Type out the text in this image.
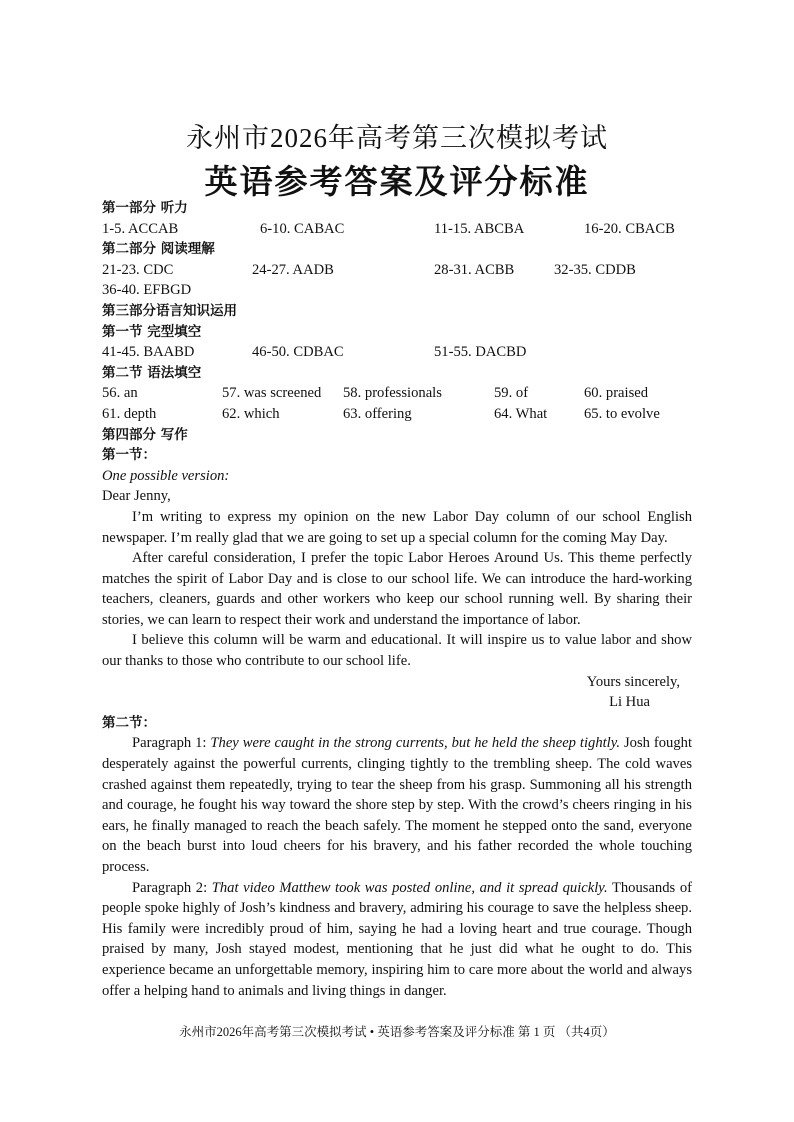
永州市2026年高考第三次模拟考试
英语参考答案及评分标准
第一部分 听力
1-5. ACCAB	6-10. CABAC	11-15. ABCBA	16-20. CBACB
第二部分 阅读理解
21-23. CDC	24-27. AADB	28-31. ACBB	32-35. CDDB
36-40. EFBGD
第三部分语言知识运用
第一节 完型填空
41-45. BAABD	46-50. CDBAC	51-55. DACBD
第二节 语法填空
56. an	57. was screened	58. professionals	59. of	60. praised
61. depth	62. which	63. offering	64. What	65. to evolve
第四部分 写作
第一节：
One possible version:
Dear Jenny,

I’m writing to express my opinion on the new Labor Day column of our school English newspaper. I’m really glad that we are going to set up a special column for the coming May Day.

After careful consideration, I prefer the topic Labor Heroes Around Us. This theme perfectly matches the spirit of Labor Day and is close to our school life. We can introduce the hard-working teachers, cleaners, guards and other workers who keep our school running well. By sharing their stories, we can learn to respect their work and understand the importance of labor.

I believe this column will be warm and educational. It will inspire us to value labor and show our thanks to those who contribute to our school life.

Yours sincerely,
Li Hua
第二节：

Paragraph 1: They were caught in the strong currents, but he held the sheep tightly. Josh fought desperately against the powerful currents, clinging tightly to the trembling sheep. The cold waves crashed against them repeatedly, trying to tear the sheep from his grasp. Summoning all his strength and courage, he fought his way toward the shore step by step. With the crowd’s cheers ringing in his ears, he finally managed to reach the beach safely. The moment he stepped onto the sand, everyone on the beach burst into loud cheers for his bravery, and his father recorded the whole touching process.

Paragraph 2: That video Matthew took was posted online, and it spread quickly. Thousands of people spoke highly of Josh’s kindness and bravery, admiring his courage to save the helpless sheep. His family were incredibly proud of him, saying he had a loving heart and true courage. Though praised by many, Josh stayed modest, mentioning that he just did what he ought to do. This experience became an unforgettable memory, inspiring him to care more about the world and always offer a helping hand to animals and living things in danger.

永州市2026年高考第三次模拟考试 • 英语参考答案及评分标准 第 1 页 （共4页）
